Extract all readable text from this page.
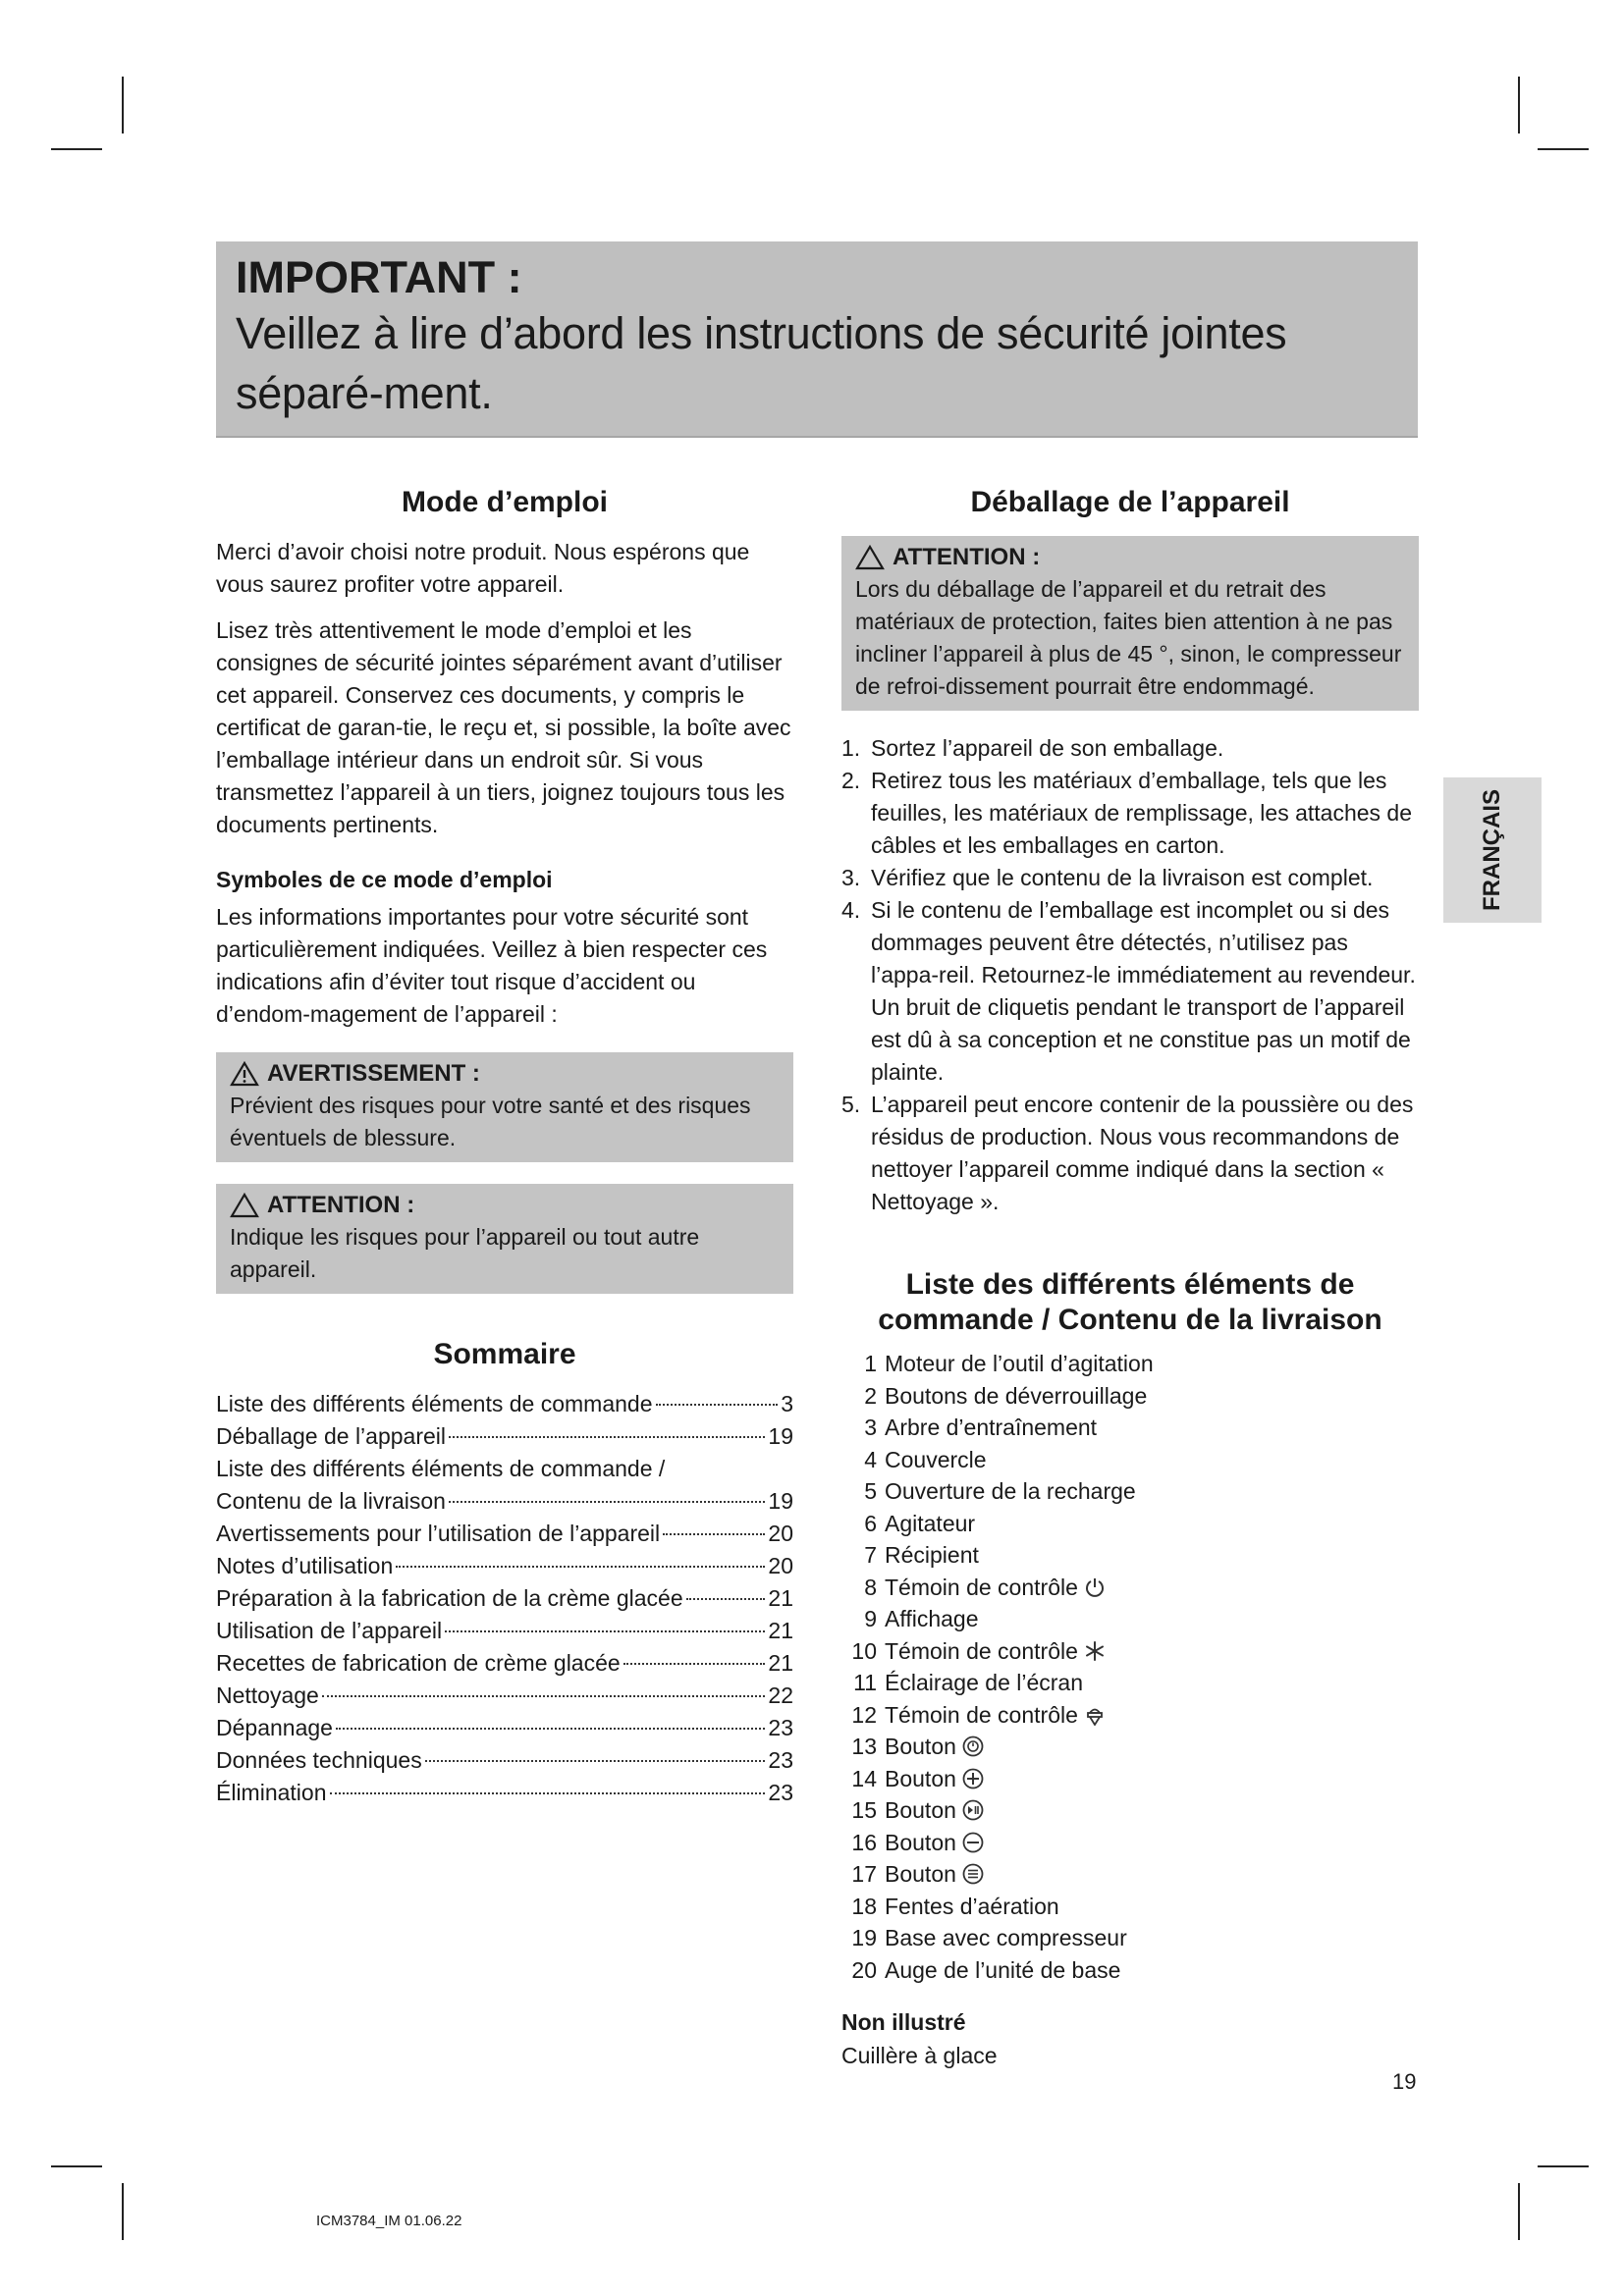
IMPORTANT :
Veillez à lire d’abord les instructions de sécurité jointes séparé-ment.
Mode d’emploi

Merci d’avoir choisi notre produit. Nous espérons que vous saurez profiter votre appareil.

Lisez très attentivement le mode d’emploi et les consignes de sécurité jointes séparément avant d’utiliser cet appareil. Conservez ces documents, y compris le certificat de garan-tie, le reçu et, si possible, la boîte avec l’emballage intérieur dans un endroit sûr. Si vous transmettez l’appareil à un tiers, joignez toujours tous les documents pertinents.

Symboles de ce mode d’emploi

Les informations importantes pour votre sécurité sont particulièrement indiquées. Veillez à bien respecter ces indications afin d’éviter tout risque d’accident ou d’endom-magement de l’appareil :

AVERTISSEMENT :
Prévient des risques pour votre santé et des risques éventuels de blessure.
ATTENTION :
Indique les risques pour l’appareil ou tout autre appareil.
Sommaire
Liste des différents éléments de commande	3
Déballage de l’appareil	19
Liste des différents éléments de commande /
Contenu de la livraison	19
Avertissements pour l’utilisation de l’appareil	20
Notes d’utilisation	20
Préparation à la fabrication de la crème glacée	21
Utilisation de l’appareil	21
Recettes de fabrication de crème glacée	21
Nettoyage	22
Dépannage	23
Données techniques	23
Élimination	23
Déballage de l’appareil
ATTENTION :
Lors du déballage de l’appareil et du retrait des matériaux de protection, faites bien attention à ne pas incliner l’appareil à plus de 45 °, sinon, le compresseur de refroi-dissement pourrait être endommagé.
1. Sortez l’appareil de son emballage.
2. Retirez tous les matériaux d’emballage, tels que les feuilles, les matériaux de remplissage, les attaches de câbles et les emballages en carton.
3. Vérifiez que le contenu de la livraison est complet.
4. Si le contenu de l’emballage est incomplet ou si des dommages peuvent être détectés, n’utilisez pas l’appa-reil. Retournez-le immédiatement au revendeur. Un bruit de cliquetis pendant le transport de l’appareil est dû à sa conception et ne constitue pas un motif de plainte.
5. L’appareil peut encore contenir de la poussière ou des résidus de production. Nous vous recommandons de nettoyer l’appareil comme indiqué dans la section « Nettoyage ».
Liste des différents éléments de
commande / Contenu de la livraison
1 Moteur de l’outil d’agitation
2 Boutons de déverrouillage
3 Arbre d’entraînement
4 Couvercle
5 Ouverture de la recharge
6 Agitateur
7 Récipient
8 Témoin de contrôle
9 Affichage
10 Témoin de contrôle
11 Éclairage de l’écran
12 Témoin de contrôle
13 Bouton
14 Bouton
15 Bouton
16 Bouton
17 Bouton
18 Fentes d’aération
19 Base avec compresseur
20 Auge de l’unité de base
Non illustré

Cuillère à glace

FRANÇAIS
19
ICM3784_IM 01.06.22
